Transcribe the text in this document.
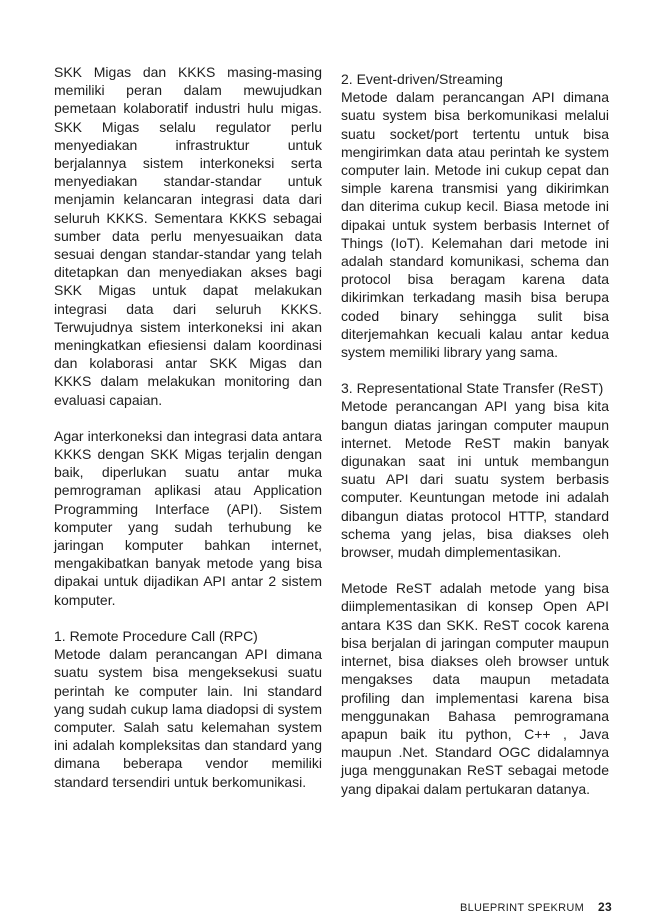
SKK Migas dan KKKS masing-masing memiliki peran dalam mewujudkan pemetaan kolaboratif industri hulu migas. SKK Migas selalu regulator perlu menyediakan infrastruktur untuk berjalannya sistem interkoneksi serta menyediakan standar-standar untuk menjamin kelancaran integrasi data dari seluruh KKKS. Sementara KKKS sebagai sumber data perlu menyesuaikan data sesuai dengan standar-standar yang telah ditetapkan dan menyediakan akses bagi SKK Migas untuk dapat melakukan integrasi data dari seluruh KKKS. Terwujudnya sistem interkoneksi ini akan meningkatkan efiesiensi dalam koordinasi dan kolaborasi antar SKK Migas dan KKKS dalam melakukan monitoring dan evaluasi capaian.

Agar interkoneksi dan integrasi data antara KKKS dengan SKK Migas terjalin dengan baik, diperlukan suatu antar muka pemrograman aplikasi atau Application Programming Interface (API). Sistem komputer yang sudah terhubung ke jaringan komputer bahkan internet, mengakibatkan banyak metode yang bisa dipakai untuk dijadikan API antar 2 sistem komputer.

1. Remote Procedure Call (RPC)
Metode dalam perancangan API dimana suatu system bisa mengeksekusi suatu perintah ke computer lain. Ini standard yang sudah cukup lama diadopsi di system computer. Salah satu kelemahan system ini adalah kompleksitas dan standard yang dimana beberapa vendor memiliki standard tersendiri untuk berkomunikasi.
2. Event-driven/Streaming
Metode dalam perancangan API dimana suatu system bisa berkomunikasi melalui suatu socket/port tertentu untuk bisa mengirimkan data atau perintah ke system computer lain. Metode ini cukup cepat dan simple karena transmisi yang dikirimkan dan diterima cukup kecil. Biasa metode ini dipakai untuk system berbasis Internet of Things (IoT). Kelemahan dari metode ini adalah standard komunikasi, schema dan protocol bisa beragam karena data dikirimkan terkadang masih bisa berupa coded binary sehingga sulit bisa diterjemahkan kecuali kalau antar kedua system memiliki library yang sama.
3. Representational State Transfer (ReST)
Metode perancangan API yang bisa kita bangun diatas jaringan computer maupun internet. Metode ReST makin banyak digunakan saat ini untuk membangun suatu API dari suatu system berbasis computer. Keuntungan metode ini adalah dibangun diatas protocol HTTP, standard schema yang jelas, bisa diakses oleh browser, mudah dimplementasikan.

Metode ReST adalah metode yang bisa diimplementasikan di konsep Open API antara K3S dan SKK. ReST cocok karena bisa berjalan di jaringan computer maupun internet, bisa diakses oleh browser untuk mengakses data maupun metadata profiling dan implementasi karena bisa menggunakan Bahasa pemrogramana apapun baik itu python, C++ , Java maupun .Net. Standard OGC didalamnya juga menggunakan ReST sebagai metode yang dipakai dalam pertukaran datanya.

BLUEPRINT SPEKRUM 23
